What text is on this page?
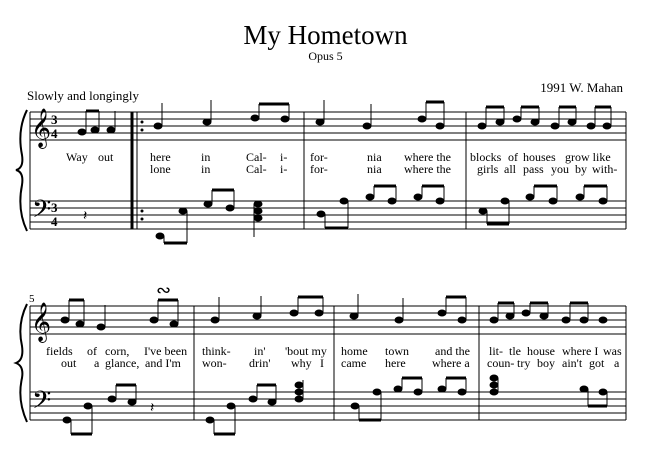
My Hometown
Opus 5
1991 W. Mahan
Slowly and longingly
𝄞
𝄢
3
4
3
4 𝄽
Way out	here	in	Cal- i- for-	nia where the blocks of houses grow like
lone	in	Cal- i- for-	nia where the girls all pass you by with-
5
𝄞
𝄢
∾
𝄽
fields of corn, I've been think- in' 'bout my home town and the lit- tle house where I was
out a glance, and I'm won- drin' why I came here where a coun- try boy ain't got a
